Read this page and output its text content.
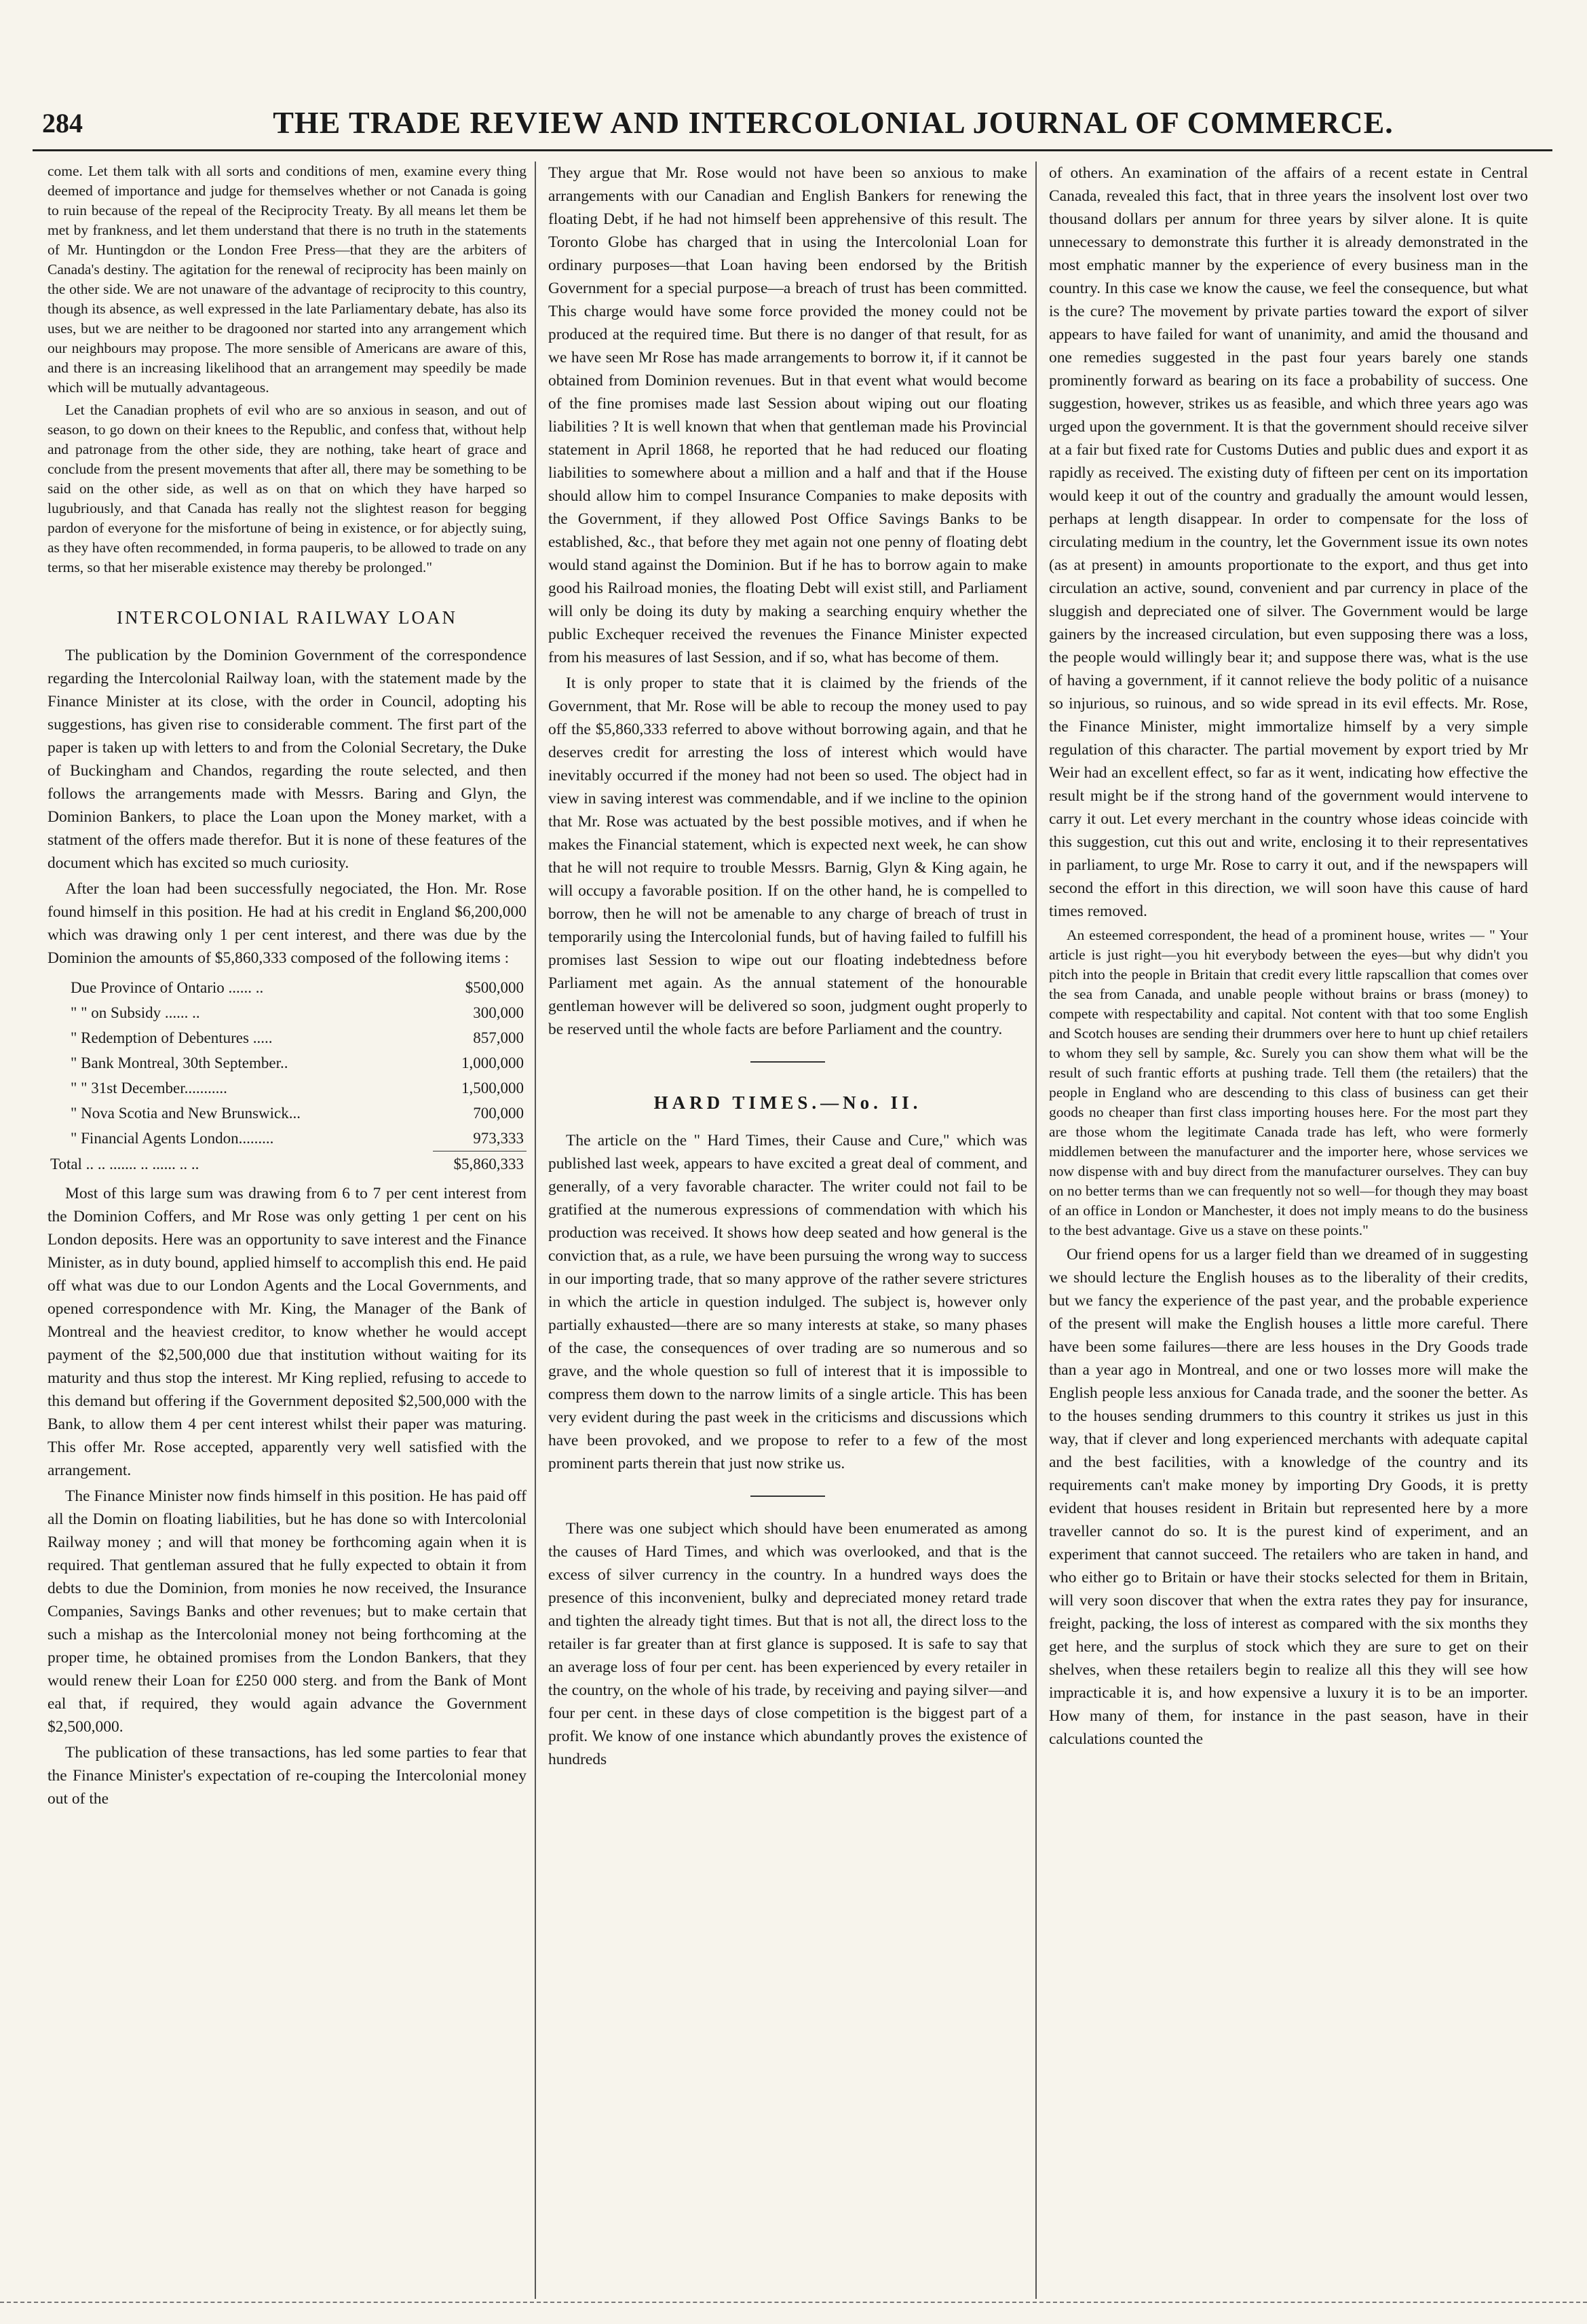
284	THE TRADE REVIEW AND INTERCOLONIAL JOURNAL OF COMMERCE.

come. Let them talk with all sorts and conditions of men, examine every thing deemed of importance and judge for themselves whether or not Canada is going to ruin because of the repeal of the Reciprocity Treaty. By all means let them be met by frankness, and let them understand that there is no truth in the statements of Mr. Huntingdon or the London Free Press—that they are the arbiters of Canada's destiny. The agitation for the renewal of reciprocity has been mainly on the other side. We are not unaware of the advantage of reciprocity to this country, though its absence, as well expressed in the late Parliamentary debate, has also its uses, but we are neither to be dragooned nor started into any arrangement which our neighbours may propose. The more sensible of Americans are aware of this, and there is an increasing likelihood that an arrangement may speedily be made which will be mutually advantageous.

Let the Canadian prophets of evil who are so anxious in season, and out of season, to go down on their knees to the Republic, and confess that, without help and patronage from the other side, they are nothing, take heart of grace and conclude from the present movements that after all, there may be something to be said on the other side, as well as on that on which they have harped so lugubriously, and that Canada has really not the slightest reason for begging pardon of everyone for the misfortune of being in existence, or for abjectly suing, as they have often recommended, in forma pauperis, to be allowed to trade on any terms, so that her miserable existence may thereby be prolonged."

INTERCOLONIAL RAILWAY LOAN

The publication by the Dominion Government of the correspondence regarding the Intercolonial Railway loan, with the statement made by the Finance Minister at its close, with the order in Council, adopting his suggestions, has given rise to considerable comment. The first part of the paper is taken up with letters to and from the Colonial Secretary, the Duke of Buckingham and Chandos, regarding the route selected, and then follows the arrangements made with Messrs. Baring and Glyn, the Dominion Bankers, to place the Loan upon the Money market, with a statment of the offers made therefor. But it is none of these features of the document which has excited so much curiosity.

After the loan had been successfully negociated, the Hon. Mr. Rose found himself in this position. He had at his credit in England $6,200,000 which was drawing only 1 per cent interest, and there was due by the Dominion the amounts of $5,860,333 composed of the following items :

Due Province of Ontario ...... ..	$500,000
" " on Subsidy ...... ..	300,000
" Redemption of Debentures .....	857,000
" Bank Montreal, 30th September..	1,000,000
" " 31st December...........	1,500,000
" Nova Scotia and New Brunswick...	700,000
" Financial Agents London.........	973,333
Total .. .. ....... .. ...... .. ..	$5,860,333

Most of this large sum was drawing from 6 to 7 per cent interest from the Dominion Coffers, and Mr Rose was only getting 1 per cent on his London deposits. Here was an opportunity to save interest and the Finance Minister, as in duty bound, applied himself to accomplish this end. He paid off what was due to our London Agents and the Local Governments, and opened correspondence with Mr. King, the Manager of the Bank of Montreal and the heaviest creditor, to know whether he would accept payment of the $2,500,000 due that institution without waiting for its maturity and thus stop the interest. Mr King replied, refusing to accede to this demand but offering if the Government deposited $2,500,000 with the Bank, to allow them 4 per cent interest whilst their paper was maturing. This offer Mr. Rose accepted, apparently very well satisfied with the arrangement.

The Finance Minister now finds himself in this position. He has paid off all the Domin on floating liabilities, but he has done so with Intercolonial Railway money ; and will that money be forthcoming again when it is required. That gentleman assured that he fully expected to obtain it from debts to due the Dominion, from monies he now received, the Insurance Companies, Savings Banks and other revenues; but to make certain that such a mishap as the Intercolonial money not being forthcoming at the proper time, he obtained promises from the London Bankers, that they would renew their Loan for £250 000 sterg. and from the Bank of Mont eal that, if required, they would again advance the Government $2,500,000.

The publication of these transactions, has led some parties to fear that the Finance Minister's expectation of re-couping the Intercolonial money out of the

They argue that Mr. Rose would not have been so anxious to make arrangements with our Canadian and English Bankers for renewing the floating Debt, if he had not himself been apprehensive of this result. The Toronto Globe has charged that in using the Intercolonial Loan for ordinary purposes—that Loan having been endorsed by the British Government for a special purpose—a breach of trust has been committed. This charge would have some force provided the money could not be produced at the required time. But there is no danger of that result, for as we have seen Mr Rose has made arrangements to borrow it, if it cannot be obtained from Dominion revenues. But in that event what would become of the fine promises made last Session about wiping out our floating liabilities ? It is well known that when that gentleman made his Provincial statement in April 1868, he reported that he had reduced our floating liabilities to somewhere about a million and a half and that if the House should allow him to compel Insurance Companies to make deposits with the Government, if they allowed Post Office Savings Banks to be established, &c., that before they met again not one penny of floating debt would stand against the Dominion. But if he has to borrow again to make good his Railroad monies, the floating Debt will exist still, and Parliament will only be doing its duty by making a searching enquiry whether the public Exchequer received the revenues the Finance Minister expected from his measures of last Session, and if so, what has become of them.

It is only proper to state that it is claimed by the friends of the Government, that Mr. Rose will be able to recoup the money used to pay off the $5,860,333 referred to above without borrowing again, and that he deserves credit for arresting the loss of interest which would have inevitably occurred if the money had not been so used. The object had in view in saving interest was commendable, and if we incline to the opinion that Mr. Rose was actuated by the best possible motives, and if when he makes the Financial statement, which is expected next week, he can show that he will not require to trouble Messrs. Barnig, Glyn & King again, he will occupy a favorable position. If on the other hand, he is compelled to borrow, then he will not be amenable to any charge of breach of trust in temporarily using the Intercolonial funds, but of having failed to fulfill his promises last Session to wipe out our floating indebtedness before Parliament met again. As the annual statement of the honourable gentleman however will be delivered so soon, judgment ought properly to be reserved until the whole facts are before Parliament and the country.

HARD TIMES.—No. II.

The article on the " Hard Times, their Cause and Cure," which was published last week, appears to have excited a great deal of comment, and generally, of a very favorable character. The writer could not fail to be gratified at the numerous expressions of commendation with which his production was received. It shows how deep seated and how general is the conviction that, as a rule, we have been pursuing the wrong way to success in our importing trade, that so many approve of the rather severe strictures in which the article in question indulged. The subject is, however only partially exhausted—there are so many interests at stake, so many phases of the case, the consequences of over trading are so numerous and so grave, and the whole question so full of interest that it is impossible to compress them down to the narrow limits of a single article. This has been very evident during the past week in the criticisms and discussions which have been provoked, and we propose to refer to a few of the most prominent parts therein that just now strike us.

There was one subject which should have been enumerated as among the causes of Hard Times, and which was overlooked, and that is the excess of silver currency in the country. In a hundred ways does the presence of this inconvenient, bulky and depreciated money retard trade and tighten the already tight times. But that is not all, the direct loss to the retailer is far greater than at first glance is supposed. It is safe to say that an average loss of four per cent. has been experienced by every retailer in the country, on the whole of his trade, by receiving and paying silver—and four per cent. in these days of close competition is the biggest part of a profit. We know of one instance which abundantly proves the existence of hundreds

of others. An examination of the affairs of a recent estate in Central Canada, revealed this fact, that in three years the insolvent lost over two thousand dollars per annum for three years by silver alone. It is quite unnecessary to demonstrate this further it is already demonstrated in the most emphatic manner by the experience of every business man in the country. In this case we know the cause, we feel the consequence, but what is the cure? The movement by private parties toward the export of silver appears to have failed for want of unanimity, and amid the thousand and one remedies suggested in the past four years barely one stands prominently forward as bearing on its face a probability of success. One suggestion, however, strikes us as feasible, and which three years ago was urged upon the government. It is that the government should receive silver at a fair but fixed rate for Customs Duties and public dues and export it as rapidly as received. The existing duty of fifteen per cent on its importation would keep it out of the country and gradually the amount would lessen, perhaps at length disappear. In order to compensate for the loss of circulating medium in the country, let the Government issue its own notes (as at present) in amounts proportionate to the export, and thus get into circulation an active, sound, convenient and par currency in place of the sluggish and depreciated one of silver. The Government would be large gainers by the increased circulation, but even supposing there was a loss, the people would willingly bear it; and suppose there was, what is the use of having a government, if it cannot relieve the body politic of a nuisance so injurious, so ruinous, and so wide spread in its evil effects. Mr. Rose, the Finance Minister, might immortalize himself by a very simple regulation of this character. The partial movement by export tried by Mr Weir had an excellent effect, so far as it went, indicating how effective the result might be if the strong hand of the government would intervene to carry it out. Let every merchant in the country whose ideas coincide with this suggestion, cut this out and write, enclosing it to their representatives in parliament, to urge Mr. Rose to carry it out, and if the newspapers will second the effort in this direction, we will soon have this cause of hard times removed.

An esteemed correspondent, the head of a prominent house, writes — " Your article is just right—you hit everybody between the eyes—but why didn't you pitch into the people in Britain that credit every little rapscallion that comes over the sea from Canada, and unable people without brains or brass (money) to compete with respectability and capital. Not content with that too some English and Scotch houses are sending their drummers over here to hunt up chief retailers to whom they sell by sample, &c. Surely you can show them what will be the result of such frantic efforts at pushing trade. Tell them (the retailers) that the people in England who are descending to this class of business can get their goods no cheaper than first class importing houses here. For the most part they are those whom the legitimate Canada trade has left, who were formerly middlemen between the manufacturer and the importer here, whose services we now dispense with and buy direct from the manufacturer ourselves. They can buy on no better terms than we can frequently not so well—for though they may boast of an office in London or Manchester, it does not imply means to do the business to the best advantage. Give us a stave on these points."

Our friend opens for us a larger field than we dreamed of in suggesting we should lecture the English houses as to the liberality of their credits, but we fancy the experience of the past year, and the probable experience of the present will make the English houses a little more careful. There have been some failures—there are less houses in the Dry Goods trade than a year ago in Montreal, and one or two losses more will make the English people less anxious for Canada trade, and the sooner the better. As to the houses sending drummers to this country it strikes us just in this way, that if clever and long experienced merchants with adequate capital and the best facilities, with a knowledge of the country and its requirements can't make money by importing Dry Goods, it is pretty evident that houses resident in Britain but represented here by a more traveller cannot do so. It is the purest kind of experiment, and an experiment that cannot succeed. The retailers who are taken in hand, and who either go to Britain or have their stocks selected for them in Britain, will very soon discover that when the extra rates they pay for insurance, freight, packing, the loss of interest as compared with the six months they get here, and the surplus of stock which they are sure to get on their shelves, when these retailers begin to realize all this they will see how impracticable it is, and how expensive a luxury it is to be an importer. How many of them, for instance in the past season, have in their calculations counted the
